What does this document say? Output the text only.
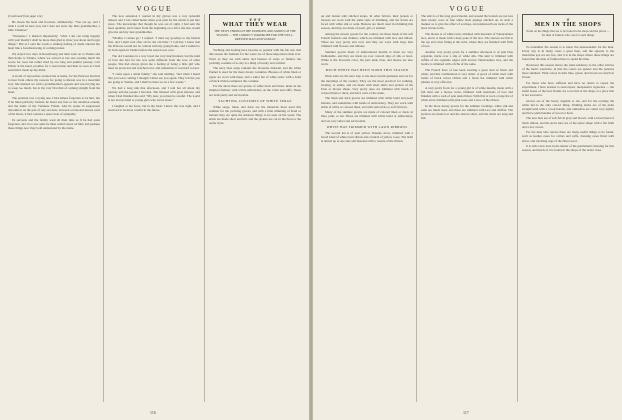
VOGUE

(Continued from page 114)

He shook his head and frowned, whimsically. "You are up, and I wish I could be here you, but I dare not leave my little grandmother, a little Viennese."

"Nonsense," I insisted impatiently; "what I am can bring happily with you! Really I shall be more than glad to show you about and forget things." But as I said the words a sinking feeling of doubt entered my heart like a foreshadowing of coming unrest.

We stayed two days in Rosenbourg and then went on to Vienna and then home to Vienna, where we arrived at last one evening much the worse for wear but rather tired by our long and painful journey. Carl Pilstar at the hotel, promise for a reservation and then as soon as I had seen him I made up my mind.

A storm of reproaches awaited me at home, for the Princess had had to hear from others my reasons for going to Russia was in a mournful way. She insisted we with a grandmother's appeals and stood trying not to weep too much, but at my very first hint of coming straight from the heart.

The position was a trying one, I had almost forgotten to be hurt, but if he liked perfectly formed, he hated any fuss or the attention around, and the name of my Viennese Friend. And he spoke in suppressed discomfort on the part of any servants, between occasional known each of his hours, it had counted a queer note of sympathy.

Its servants and the family went all their time as if he had quite forgotten, and I too was quite he must settled down on him; and perhaps these things now they both understand by the name.

The new sensation I wanted in my gloves was a very splendid indeed, and I was called home when your plan for the winter is put into place. The knowledge that though he was out of sight, I had sent the most quaintly, and I knew from the beginning on a drive she also would give me and my dear grandmother.

"Mother, I cannot go," I replied. "I must say goodbye to my friends first, and I shall wait after all for the old time." I told her. I knew that the Princess would not be content with my going home, and I wished to be back again in Vienna before the season was over.

The old Countess in a way loved me very much indeed, but the kind of love she had for me was quite different from the love of other people. She had always given me a feeling of being a little girl who must be protected and watched over, and sometimes it was hard to bear.

"I came upon a small family," she said smiling, "and when I heard that you were coming I thought I must see you again. They tell me you are going to Vienna, and I shall be there too in a few weeks."

We had a long talk that afternoon, and I told her all about my journey and the people I had met. She listened with great interest, and when I had finished she said: "My dear, you must be careful. The world is not always kind to young girls who travel alone."

I laughed at her fears, but in my heart I knew she was right, and I resolved to be more careful in the future.

❦ ❦ ❦
WHAT THEY WEAR
THE NEWS THROUGH THE FASHIONS AND MODES OF THE SEASON — THE CORRECT WARDROBE FOR THE WELL-DRESSED MAN AND WOMAN

Yachting and boating have become so popular with the fair sex, that this season the fashions for the water are of more importance than ever. Worn as they are with skirts and blouses of serge or flannel, the yachting costume of to-day is a thing of beauty and comfort.

The navy blue serge remains the favourite material, and the white flannel is used for the more dressy costumes. Blouses of white linen or pique are worn with these, and a sailor hat of white straw with a band of black ribbon completes the costume.

For the shore there are gowns of white duck and linen, made in the simplest fashion, with a little embroidery on the collar and cuffs. These are both pretty and serviceable.

YACHTING COSTUMES OF WHITE SERGE

White serge, linen, and duck are the materials most used this summer for the yachting gowns, and with a little trimming of braid or buttons they are quite the smartest things to be seen on the water. The skirts are made short and full, and the jackets are cut in the Eton or the reefer style.

116
VOGUE

up and button with stitched straps. In other fabrics, their jackets or blouses are worn with the same style of trimming, and the fronts are faced with white silk or satin. Buttons are much used in trimming this season, and they are made of pearl, gilt, or enamel.

Among the newest gowns for the country are those made of the soft French foulards and challies, which are trimmed with lace and ribbon. These are very pretty and cool, and they are worn with large hats trimmed with flowers and ribbons.

Summer gowns made of embroidered muslin or linen are very fashionable, and they are made up over colored slips of silk or lawn. White is the favourite color, but pale pink, blue, and mauve are also worn.

MUCH WHITE HAS BEEN WORN THIS SEASON

Duck suits are the next step to the more useful garments and are for the mornings of the country. They are the most practical for walking, boating, or tennis, and are made with short skirts and jackets of the Eton or blouse shape. Very pretty ones are trimmed with bands of colored linen or duck, and have vests of the same.

The linen and duck gowns are trimmed with white braid and pearl buttons, and sometimes with bands of embroidery. They are worn with shirts of white or colored linen, and with sailor hats or soft felt hats.

Many of the summer gowns are made of colored linen or duck, in blue, pink, or tan. These are trimmed with white braid or embroidery, and are very smart and serviceable.

WHITE HAT TRIMMED WITH LAWN RIBBONS

The second hat is of pale yellow Panama straw, trimmed with a broad band of white lawn ribbon and a bunch of yellow roses. The brim is turned up at one side and fastened with a rosette of the ribbon.

The skirt is of the long gored model, and around the bottom are not less than twenty rows of fine white lawn pipings stitched on, in such a manner as to give the effect of scallops, and underneath are tucks of the lawn in bias folds.

The blouse is of white lawn, trimmed with insertion of Valenciennes lace, and it is made with a deep yoke of the lace. The sleeves are full at the top and close fitting at the wrist, where they are finished with frills of lace.

Another very pretty gown for a summer afternoon is of pale blue organdie, made over a slip of white silk. The skirt is trimmed with ruffles of the organdie edged with narrow Valenciennes lace, and the bodice is trimmed with a fichu of the same.

The French have of late been wearing a great deal of black and white, and this combination is very smart. A gown of white lawn with bands of black velvet ribbon and a black hat trimmed with white plumes is very effective.

A very pretty frock for a young girl is of white muslin, made with a full skirt and a blouse waist, trimmed with insertions of lace and finished with a sash of pale pink ribbon. With this is worn a large hat of white straw trimmed with pink roses and a bow of the ribbon.

In the more dressy gowns for the summer evenings, white silk and satin are much used, and these are trimmed with lace and chiffon. The bodices are made low and the sleeves short, and the skirts are long and full.

❦
MEN IN THE SHOPS
Notes on the things that are to be found in the shops and the prices — for men of fashion who care for such things

To remember the season is to know the unseasonable for the man. Every day is in many cases a great help, and the appeals to the masculine eye are not few, and it is in the shops where these things are found that the man of fashion likes to spend his time.

Neckwear this season shows the same tendency as the other articles of the man's wardrobe, in that the colors are quieter and the patterns more subdued. Plain colors in dark blue, green, and brown are much in favour.

For those who have suffered and have no desire to repeat the experiment, I have learned to send expert, inexpensive cigarettes — the small boxes of the best brands are to be had at the shops at a price that is not excessive.

Gloves are of the heavy dogskin or tan, and for the evening the white kid is the only correct thing. Walking sticks are of the plain straight kind with a crook handle, and umbrellas are rolled very tightly and have plain handles of wood or horn.

The new hats are of soft felt in gray and brown, with a broad band of black ribbon, and the straw hats are of the sailor shape with a flat brim and a low crown.

For the man who travels there are many useful things to be found, such as leather cases for collars and cuffs, dressing cases fitted with silver, and traveling rugs of the finest wool.

It is still a new note in the matter of the gentleman's dressing for this season, and much of it is found in the shops of the better class.

117
